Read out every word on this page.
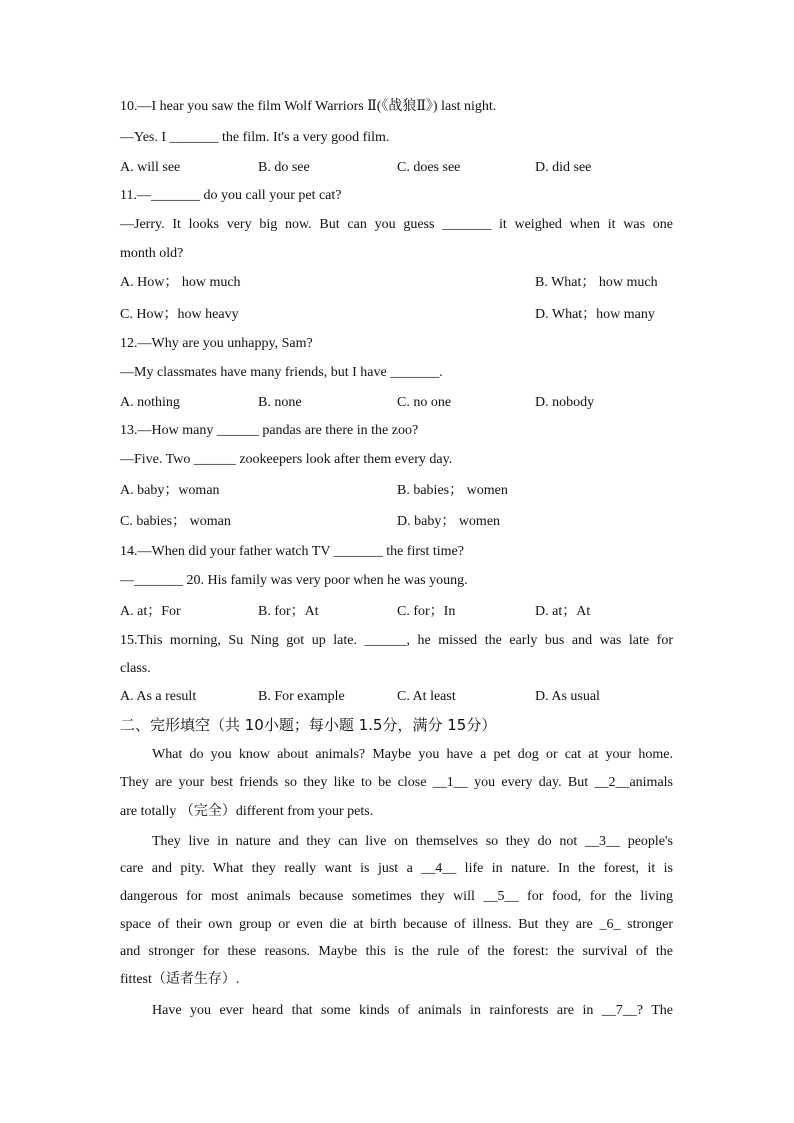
10.—I hear you saw the film Wolf Warriors Ⅱ(《战狼Ⅱ》) last night.
—Yes. I _______ the film. It's a very good film.
A. will see	B. do see	C. does see	D. did see
11.—_______ do you call your pet cat?
—Jerry. It looks very big now. But can you guess _______ it weighed when it was one
month old?
A. How； how much	B. What； how much
C. How；how heavy	D. What；how many
12.—Why are you unhappy, Sam?
—My classmates have many friends, but I have _______.
A. nothing	B. none	C. no one	D. nobody
13.—How many ______ pandas are there in the zoo?
—Five. Two ______ zookeepers look after them every day.
A. baby；woman	B. babies； women
C. babies； woman	D. baby； women
14.—When did your father watch TV _______ the first time?
—_______ 20. His family was very poor when he was young.
A. at；For	B. for；At	C. for；In	D. at；At
15.This morning, Su Ning got up late. ______, he missed the early bus and was late for
class.
A. As a result	B. For example	C. At least	D. As usual
二、完形填空（共 10小题；每小题 1.5分，满分 15分）
What do you know about animals? Maybe you have a pet dog or cat at your home.
They are your best friends so they like to be close __1__ you every day. But __2__animals
are totally （完全）different from your pets.
They live in nature and they can live on themselves so they do not __3__ people's
care and pity. What they really want is just a __4__ life in nature. In the forest, it is
dangerous for most animals because sometimes they will __5__ for food, for the living
space of their own group or even die at birth because of illness. But they are _6_ stronger
and stronger for these reasons. Maybe this is the rule of the forest: the survival of the
fittest（适者生存）.
Have you ever heard that some kinds of animals in rainforests are in __7__? The
